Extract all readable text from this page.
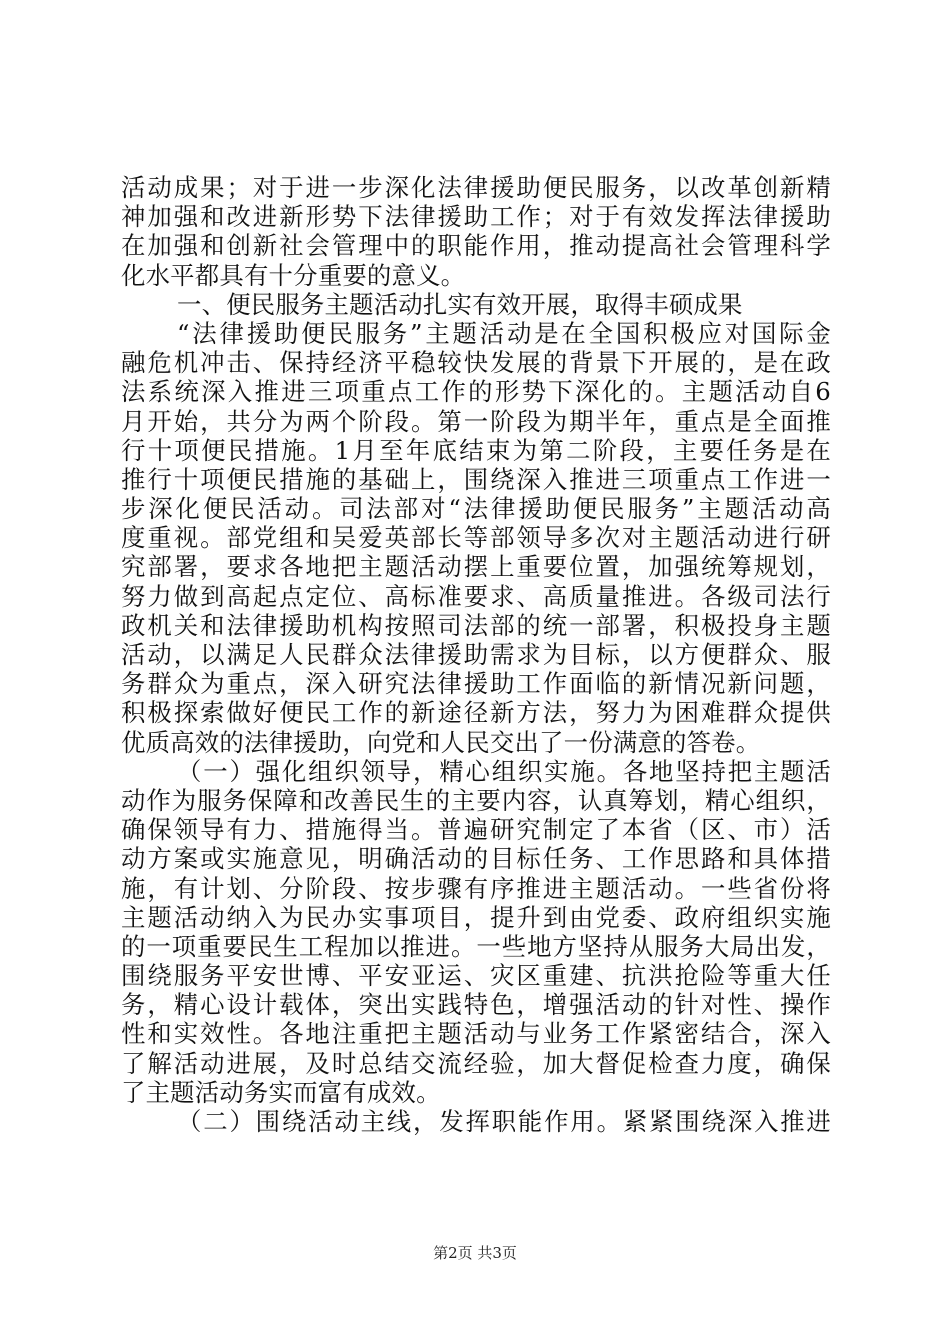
活动成果；对于进一步深化法律援助便民服务，以改革创新精
神加强和改进新形势下法律援助工作；对于有效发挥法律援助
在加强和创新社会管理中的职能作用，推动提高社会管理科学
化水平都具有十分重要的意义。
一、便民服务主题活动扎实有效开展，取得丰硕成果
“法律援助便民服务”主题活动是在全国积极应对国际金
融危机冲击、保持经济平稳较快发展的背景下开展的，是在政
法系统深入推进三项重点工作的形势下深化的。主题活动自6
月开始，共分为两个阶段。第一阶段为期半年，重点是全面推
行十项便民措施。1月至年底结束为第二阶段，主要任务是在
推行十项便民措施的基础上，围绕深入推进三项重点工作进一
步深化便民活动。司法部对“法律援助便民服务”主题活动高
度重视。部党组和吴爱英部长等部领导多次对主题活动进行研
究部署，要求各地把主题活动摆上重要位置，加强统筹规划，
努力做到高起点定位、高标准要求、高质量推进。各级司法行
政机关和法律援助机构按照司法部的统一部署，积极投身主题
活动，以满足人民群众法律援助需求为目标，以方便群众、服
务群众为重点，深入研究法律援助工作面临的新情况新问题，
积极探索做好便民工作的新途径新方法，努力为困难群众提供
优质高效的法律援助，向党和人民交出了一份满意的答卷。
（一）强化组织领导，精心组织实施。各地坚持把主题活
动作为服务保障和改善民生的主要内容，认真筹划，精心组织，
确保领导有力、措施得当。普遍研究制定了本省（区、市）活
动方案或实施意见，明确活动的目标任务、工作思路和具体措
施，有计划、分阶段、按步骤有序推进主题活动。一些省份将
主题活动纳入为民办实事项目，提升到由党委、政府组织实施
的一项重要民生工程加以推进。一些地方坚持从服务大局出发，
围绕服务平安世博、平安亚运、灾区重建、抗洪抢险等重大任
务，精心设计载体，突出实践特色，增强活动的针对性、操作
性和实效性。各地注重把主题活动与业务工作紧密结合，深入
了解活动进展，及时总结交流经验，加大督促检查力度，确保
了主题活动务实而富有成效。
（二）围绕活动主线，发挥职能作用。紧紧围绕深入推进
第2页 共3页
